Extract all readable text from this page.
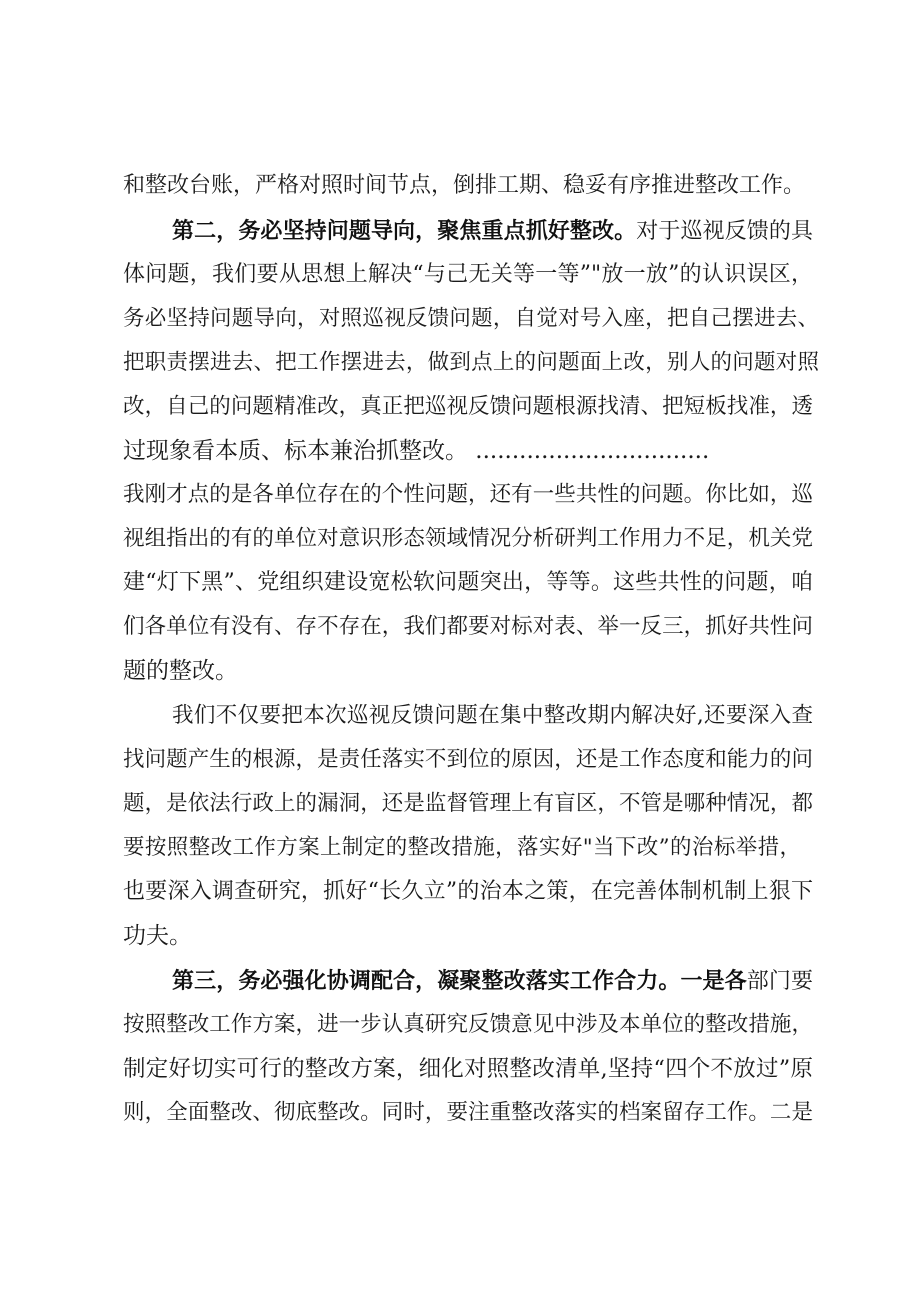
和整改台账，严格对照时间节点，倒排工期、稳妥有序推进整改工作。
第二，务必坚持问题导向，聚焦重点抓好整改。对于巡视反馈的具
体问题，我们要从思想上解决“与己无关等一等”"放一放”的认识误区，
务必坚持问题导向，对照巡视反馈问题，自觉对号入座，把自己摆进去、
把职责摆进去、把工作摆进去，做到点上的问题面上改，别人的问题对照
改，自己的问题精准改，真正把巡视反馈问题根源找清、把短板找准，透
过现象看本质、标本兼治抓整改。 ................................
我刚才点的是各单位存在的个性问题，还有一些共性的问题。你比如，巡
视组指出的有的单位对意识形态领域情况分析研判工作用力不足，机关党
建“灯下黑”、党组织建设宽松软问题突出，等等。这些共性的问题，咱
们各单位有没有、存不存在，我们都要对标对表、举一反三，抓好共性问
题的整改。
我们不仅要把本次巡视反馈问题在集中整改期内解决好,还要深入查
找问题产生的根源，是责任落实不到位的原因，还是工作态度和能力的问
题，是依法行政上的漏洞，还是监督管理上有盲区，不管是哪种情况，都
要按照整改工作方案上制定的整改措施，落实好"当下改”的治标举措，
也要深入调查研究，抓好“长久立”的治本之策，在完善体制机制上狠下
功夫。
第三，务必强化协调配合，凝聚整改落实工作合力。一是各部门要
按照整改工作方案，进一步认真研究反馈意见中涉及本单位的整改措施，
制定好切实可行的整改方案，细化对照整改清单,坚持“四个不放过”原
则，全面整改、彻底整改。同时，要注重整改落实的档案留存工作。二是
